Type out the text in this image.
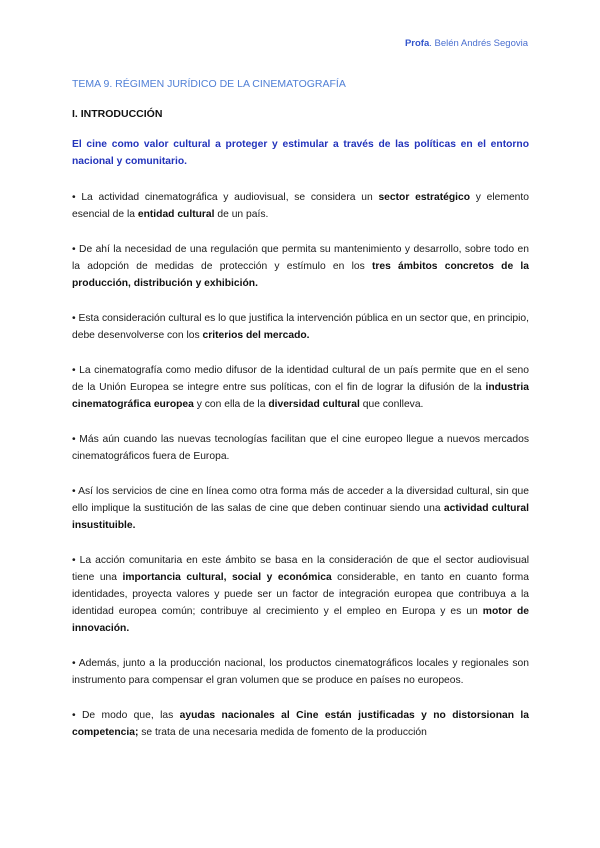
Profa. Belén Andrés Segovia
TEMA 9. RÉGIMEN JURÍDICO DE LA CINEMATOGRAFÍA
I. INTRODUCCIÓN
El cine como valor cultural a proteger y estimular a través de las políticas en el entorno nacional y comunitario.
• La actividad cinematográfica y audiovisual, se considera un sector estratégico y elemento esencial de la entidad cultural de un país.
• De ahí la necesidad de una regulación que permita su mantenimiento y desarrollo, sobre todo en la adopción de medidas de protección y estímulo en los tres ámbitos concretos de la producción, distribución y exhibición.
• Esta consideración cultural es lo que justifica la intervención pública en un sector que, en principio, debe desenvolverse con los criterios del mercado.
• La cinematografía como medio difusor de la identidad cultural de un país permite que en el seno de la Unión Europea se integre entre sus políticas, con el fin de lograr la difusión de la industria cinematográfica europea y con ella de la diversidad cultural que conlleva.
• Más aún cuando las nuevas tecnologías facilitan que el cine europeo llegue a nuevos mercados cinematográficos fuera de Europa.
• Así los servicios de cine en línea como otra forma más de acceder a la diversidad cultural, sin que ello implique la sustitución de las salas de cine que deben continuar siendo una actividad cultural insustituible.
• La acción comunitaria en este ámbito se basa en la consideración de que el sector audiovisual tiene una importancia cultural, social y económica considerable, en tanto en cuanto forma identidades, proyecta valores y puede ser un factor de integración europea que contribuya a la identidad europea común; contribuye al crecimiento y el empleo en Europa y es un motor de innovación.
• Además, junto a la producción nacional, los productos cinematográficos locales y regionales son instrumento para compensar el gran volumen que se produce en países no europeos.
• De modo que, las ayudas nacionales al Cine están justificadas y no distorsionan la competencia; se trata de una necesaria medida de fomento de la producción
